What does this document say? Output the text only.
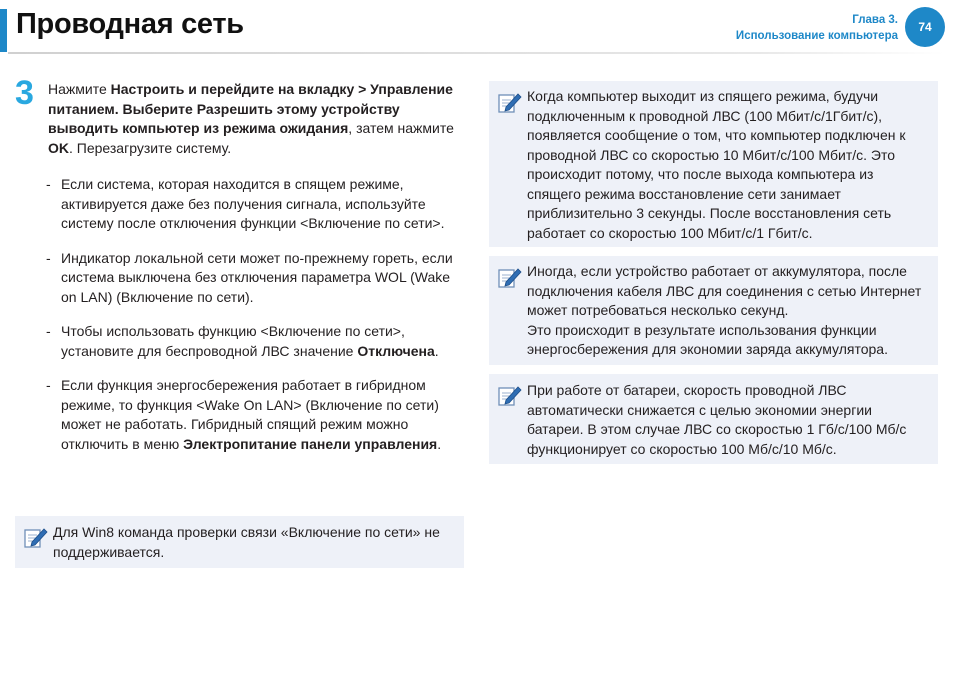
Проводная сеть	Глава 3.
Использование компьютера
74
3 Нажмите Настроить и перейдите на вкладку > Управление питанием. Выберите Разрешить этому устройству выводить компьютер из режима ожидания, затем нажмите OK. Перезагрузите систему.
- Если система, которая находится в спящем режиме, активируется даже без получения сигнала, используйте систему после отключения функции <Включение по сети>.
- Индикатор локальной сети может по-прежнему гореть, если система выключена без отключения параметра WOL (Wake on LAN) (Включение по сети).
- Чтобы использовать функцию <Включение по сети>, установите для беспроводной ЛВС значение Отключена.
- Если функция энергосбережения работает в гибридном режиме, то функция <Wake On LAN> (Включение по сети) может не работать. Гибридный спящий режим можно отключить в меню Электропитание панели управления.
Для Win8 команда проверки связи «Включение по сети» не поддерживается.
Когда компьютер выходит из спящего режима, будучи подключенным к проводной ЛВС (100 Мбит/с/1Гбит/с), появляется сообщение о том, что компьютер подключен к проводной ЛВС со скоростью 10 Мбит/с/100 Мбит/с. Это происходит потому, что после выхода компьютера из спящего режима восстановление сети занимает приблизительно 3 секунды. После восстановления сеть работает со скоростью 100 Мбит/с/1 Гбит/с.
Иногда, если устройство работает от аккумулятора, после подключения кабеля ЛВС для соединения с сетью Интернет может потребоваться несколько секунд.
Это происходит в результате использования функции энергосбережения для экономии заряда аккумулятора.
При работе от батареи, скорость проводной ЛВС автоматически снижается с целью экономии энергии батареи. В этом случае ЛВС со скоростью 1 Гб/с/100 Мб/с функционирует со скоростью 100 Мб/с/10 Мб/с.
